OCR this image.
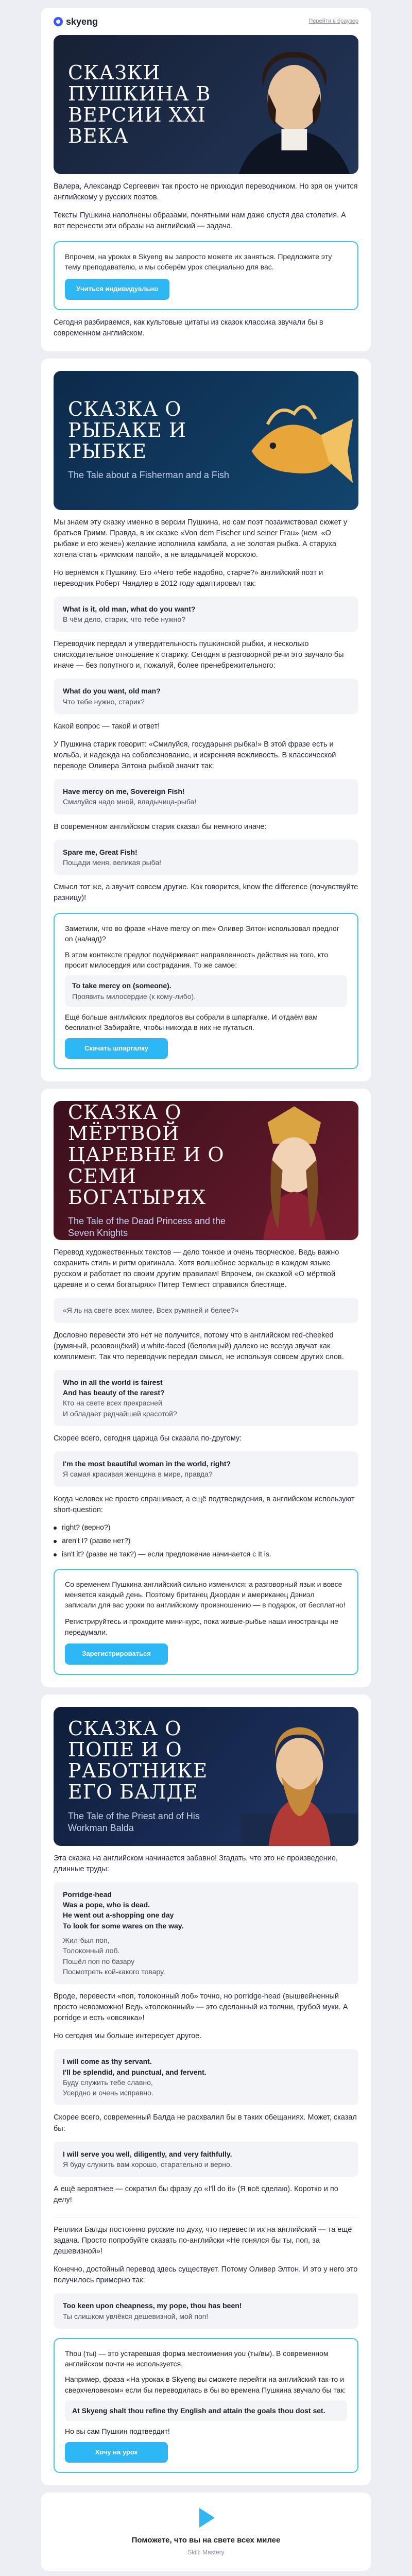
skyeng	Перейти в браузер
СКАЗКИ ПУШКИНА В ВЕРСИИ XXI ВЕКА

Валера, Александр Сергеевич так просто не приходил переводчиком. Но зря он учится английскому у русских поэтов.

Тексты Пушкина наполнены образами, понятными нам даже спустя два столетия. А вот перенести эти образы на английский — задача.

Впрочем, на уроках в Skyeng вы запросто можете их заняться. Предложите эту тему преподавателю, и мы соберём урок специально для вас.

Учиться индивидуально

Сегодня разбираемся, как культовые цитаты из сказок классика звучали бы в современном английском.

СКАЗКА О РЫБАКЕ И РЫБКЕ
The Tale about a Fisherman and a Fish

Мы знаем эту сказку именно в версии Пушкина, но сам поэт позаимствовал сюжет у братьев Гримм. Правда, в их сказке «Von dem Fischer und seiner Frau» (нем. «О рыбаке и его жене») желание исполнила камбала, а не золотая рыбка. А старуха хотела стать «римским папой», а не владычицей морскою.

Но вернёмся к Пушкину. Его «Чего тебе надобно, старче?» английский поэт и переводчик Роберт Чандлер в 2012 году адаптировал так:

What is it, old man, what do you want?
В чём дело, старик, что тебе нужно?

Переводчик передал и утвердительность пушкинской рыбки, и несколько снисходительное отношение к старику. Сегодня в разговорной речи это звучало бы иначе — без попутного и, пожалуй, более пренебрежительного:

What do you want, old man?
Что тебе нужно, старик?

Какой вопрос — такой и ответ!

У Пушкина старик говорит: «Смилуйся, государыня рыбка!» В этой фразе есть и мольба, и надежда на соболезнование, и искренняя вежливость. В классической переводе Оливера Элтона рыбкой значит так:

Have mercy on me, Sovereign Fish!
Смилуйся надо мной, владычица-рыба!

В современном английском старик сказал бы немного иначе:

Spare me, Great Fish!
Пощади меня, великая рыба!

Смысл тот же, а звучит совсем другие. Как говорится, know the difference (почувствуйте разницу)!

Заметили, что во фразе «Have mercy on me» Оливер Элтон использовал предлог on (на/над)?

В этом контексте предлог подчёркивает направленность действия на того, кто просит милосердия или сострадания. То же самое:

To take mercy on (someone).
Проявить милосердие (к кому-либо).

Ещё больше английских предлогов вы собрали в шпаргалке. И отдаём вам бесплатно! Забирайте, чтобы никогда в них не путаться.

Скачать шпаргалку
СКАЗКА О МЁРТВОЙ ЦАРЕВНЕ И О СЕМИ БОГАТЫРЯХ
The Tale of the Dead Princess and the Seven Knights

Перевод художественных текстов — дело тонкое и очень творческое. Ведь важно сохранить стиль и ритм оригинала. Хотя волшебное зеркальце в каждом языке русском и работает по своим другим правилам! Впрочем, он сказкой «О мёртвой царевне и о семи богатырях» Питер Темпест справился блестяще.

«Я ль на свете всех милее, Всех румяней и белее?»

Дословно перевести это нет не получится, потому что в английском red-cheeked (румяный, розовощёкий) и white-faced (белолицый) далеко не всегда звучат как комплимент. Так что переводчик передал смысл, не используя совсем других слов.

Who in all the world is fairest
And has beauty of the rarest?
Кто на свете всех прекрасней
И обладает редчайшей красотой?

Скорее всего, сегодня царица бы сказала по-другому:

I'm the most beautiful woman in the world, right?
Я самая красивая женщина в мире, правда?

Когда человек не просто спрашивает, а ещё подтверждения, в английском используют short-question:

right? (верно?)
aren't I? (разве нет?)
isn't it? (разве не так?) — если предложение начинается с It is.

Со временем Пушкина английский сильно изменился: а разговорный язык и вовсе меняется каждый день. Поэтому британец Джордан и американец Дэниэл записали для вас уроки по английскому произношению — в подарок, от бесплатно!

Регистрируйтесь и проходите мини-курс, пока живые-рыбье наши иностранцы не передумали.

Зарегистрироваться
СКАЗКА О ПОПЕ И О РАБОТНИКЕ ЕГО БАЛДЕ
The Tale of the Priest and of His Workman Balda

Эта сказка на английском начинается забавно! Згадать, что это не произведение, длинные труды:

Porridge-head
Was a pope, who is dead.
He went out a-shopping one day
To look for some wares on the way.
Жил-был поп,
Толоконный лоб.
Пошёл поп по базару
Посмотреть кой-какого товару.

Вроде, перевести «поп, толоконный лоб» точно, но porridge-head (вышвейненный просто невозможно! Ведь «толоконный» — это сделанный из толчни, грубой муки. А porridge и есть «овсянка»!

Но сегодня мы больше интересует другое.

I will come as thy servant.
I'll be splendid, and punctual, and fervent.
Буду служить тебе славно,
Усердно и очень исправно.

Скорее всего, современный Балда не расхвалил бы в таких обещаниях. Может, сказал бы:

I will serve you well, diligently, and very faithfully.
Я буду служить вам хорошо, старательно и верно.

А ещё вероятнее — сократил бы фразу до «I'll do it» (Я всё сделаю). Коротко и по делу!

Реплики Балды постоянно русские по духу, что перевести их на английский — та ещё задача. Просто попробуйте сказать по-английски «Не гонялся бы ты, поп, за дешевизной»!

Конечно, достойный перевод здесь существует. Потому Оливер Элтон. И это у него это получилось примерно так:

Too keen upon cheapness, my pope, thou has been!
Ты слишком увлёкся дешевизной, мой поп!

Thou (ты) — это устаревшая форма местоимения you (ты/вы). В современном английском почти не используется.

Например, фраза «На уроках в Skyeng вы сможете перейти на английский так-то и сверхчеловеком» если бы переводилась в бы во времена Пушкина звучало бы так:

At Skyeng shalt thou refine thy English and attain the goals thou dost set.

Но вы сам Пушкин подтвердит!

Хочу на урок
Поможете, что вы на свете всех милее
Skill: Mastery
